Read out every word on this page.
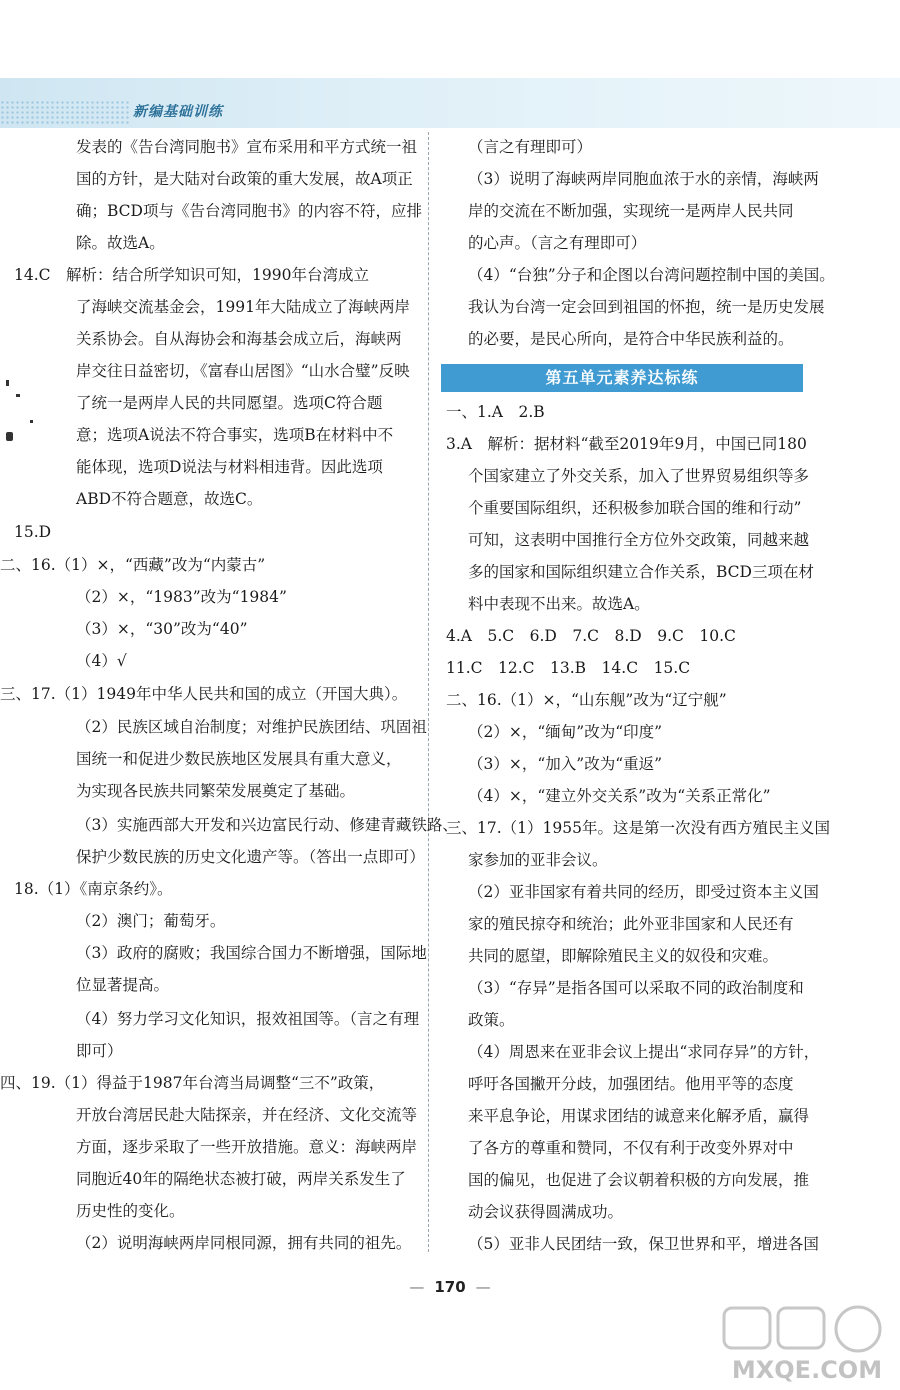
新编基础训练
发表的《告台湾同胞书》宣布采用和平方式统一祖
国的方针，是大陆对台政策的重大发展，故A项正
确；BCD项与《告台湾同胞书》的内容不符，应排
除。故选A。
14.C　解析：结合所学知识可知，1990年台湾成立
了海峡交流基金会，1991年大陆成立了海峡两岸
关系协会。自从海协会和海基会成立后，海峡两
岸交往日益密切，《富春山居图》“山水合璧”反映
了统一是两岸人民的共同愿望。选项C符合题
意；选项A说法不符合事实，选项B在材料中不
能体现，选项D说法与材料相违背。因此选项
ABD不符合题意，故选C。
15.D
二、16.（1）×，“西藏”改为“内蒙古”
（2）×，“1983”改为“1984”
（3）×，“30”改为“40”
（4）√
三、17.（1）1949年中华人民共和国的成立（开国大典）。
（2）民族区域自治制度；对维护民族团结、巩固祖
国统一和促进少数民族地区发展具有重大意义，
为实现各民族共同繁荣发展奠定了基础。
（3）实施西部大开发和兴边富民行动、修建青藏铁路、
保护少数民族的历史文化遗产等。（答出一点即可）
18.（1）《南京条约》。
（2）澳门；葡萄牙。
（3）政府的腐败；我国综合国力不断增强，国际地
位显著提高。
（4）努力学习文化知识，报效祖国等。（言之有理
即可）
四、19.（1）得益于1987年台湾当局调整“三不”政策，
开放台湾居民赴大陆探亲，并在经济、文化交流等
方面，逐步采取了一些开放措施。意义：海峡两岸
同胞近40年的隔绝状态被打破，两岸关系发生了
历史性的变化。
（2）说明海峡两岸同根同源，拥有共同的祖先。
（言之有理即可）
（3）说明了海峡两岸同胞血浓于水的亲情，海峡两
岸的交流在不断加强，实现统一是两岸人民共同
的心声。（言之有理即可）
（4）“台独”分子和企图以台湾问题控制中国的美国。
我认为台湾一定会回到祖国的怀抱，统一是历史发展
的必要，是民心所向，是符合中华民族利益的。
一、1.A　2.B
3.A　解析：据材料“截至2019年9月，中国已同180
个国家建立了外交关系，加入了世界贸易组织等多
个重要国际组织，还积极参加联合国的维和行动”
可知，这表明中国推行全方位外交政策，同越来越
多的国家和国际组织建立合作关系，BCD三项在材
料中表现不出来。故选A。
4.A　5.C　6.D　7.C　8.D　9.C　10.C
11.C　12.C　13.B　14.C　15.C
二、16.（1）×，“山东舰”改为“辽宁舰”
（2）×，“缅甸”改为“印度”
（3）×，“加入”改为“重返”
（4）×，“建立外交关系”改为“关系正常化”
三、17.（1）1955年。这是第一次没有西方殖民主义国
家参加的亚非会议。
（2）亚非国家有着共同的经历，即受过资本主义国
家的殖民掠夺和统治；此外亚非国家和人民还有
共同的愿望，即解除殖民主义的奴役和灾难。
（3）“存异”是指各国可以采取不同的政治制度和
政策。
（4）周恩来在亚非会议上提出“求同存异”的方针，
呼吁各国撇开分歧，加强团结。他用平等的态度
来平息争论，用谋求团结的诚意来化解矛盾，赢得
了各方的尊重和赞同，不仅有利于改变外界对中
国的偏见，也促进了会议朝着积极的方向发展，推
动会议获得圆满成功。
（5）亚非人民团结一致，保卫世界和平，增进各国
第五单元素养达标练
— 170 —
MXQE.COM
